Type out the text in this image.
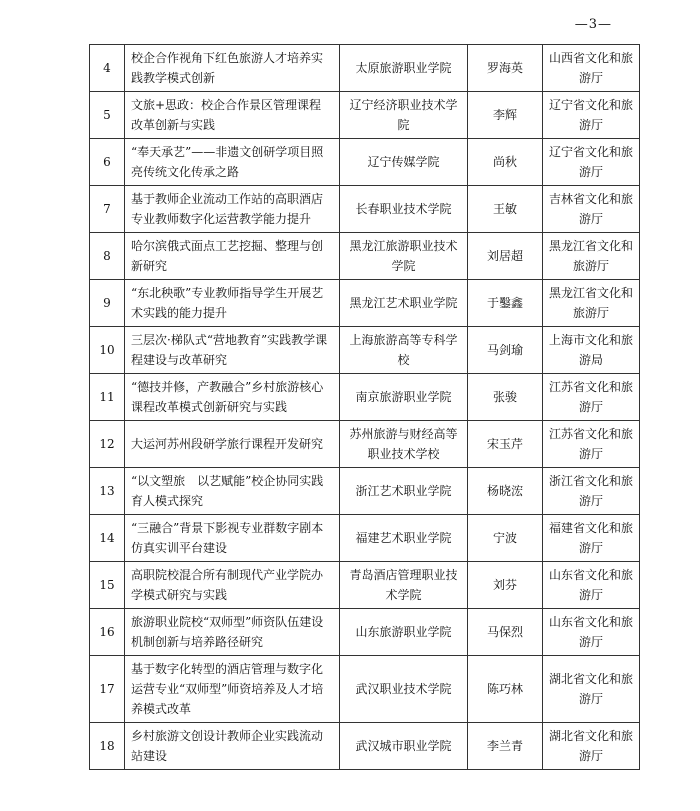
—3—
4	校企合作视角下红色旅游人才培养实践教学模式创新	太原旅游职业学院	罗海英	山西省文化和旅游厅
5	文旅+思政：校企合作景区管理课程改革创新与实践	辽宁经济职业技术学院	李辉	辽宁省文化和旅游厅
6	“奉天承艺”——非遗文创研学项目照亮传统文化传承之路	辽宁传媒学院	尚秋	辽宁省文化和旅游厅
7	基于教师企业流动工作站的高职酒店专业教师数字化运营教学能力提升	长春职业技术学院	王敏	吉林省文化和旅游厅
8	哈尔滨俄式面点工艺挖掘、整理与创新研究	黑龙江旅游职业技术学院	刘居超	黑龙江省文化和旅游厅
9	“东北秧歌”专业教师指导学生开展艺术实践的能力提升	黑龙江艺术职业学院	于鑿鑫	黑龙江省文化和旅游厅
10	三层次·梯队式“营地教育”实践教学课程建设与改革研究	上海旅游高等专科学校	马剑瑜	上海市文化和旅游局
11	“德技并修，产教融合”乡村旅游核心课程改革模式创新研究与实践	南京旅游职业学院	张骏	江苏省文化和旅游厅
12	大运河苏州段研学旅行课程开发研究	苏州旅游与财经高等职业技术学校	宋玉芹	江苏省文化和旅游厅
13	“以文塑旅　以艺赋能”校企协同实践育人模式探究	浙江艺术职业学院	杨晓浤	浙江省文化和旅游厅
14	“三融合”背景下影视专业群数字剧本仿真实训平台建设	福建艺术职业学院	宁波	福建省文化和旅游厅
15	高职院校混合所有制现代产业学院办学模式研究与实践	青岛酒店管理职业技术学院	刘芬	山东省文化和旅游厅
16	旅游职业院校“双师型”师资队伍建设机制创新与培养路径研究	山东旅游职业学院	马保烈	山东省文化和旅游厅
17	基于数字化转型的酒店管理与数字化运营专业“双师型”师资培养及人才培养模式改革	武汉职业技术学院	陈巧林	湖北省文化和旅游厅
18	乡村旅游文创设计教师企业实践流动站建设	武汉城市职业学院	李兰青	湖北省文化和旅游厅
